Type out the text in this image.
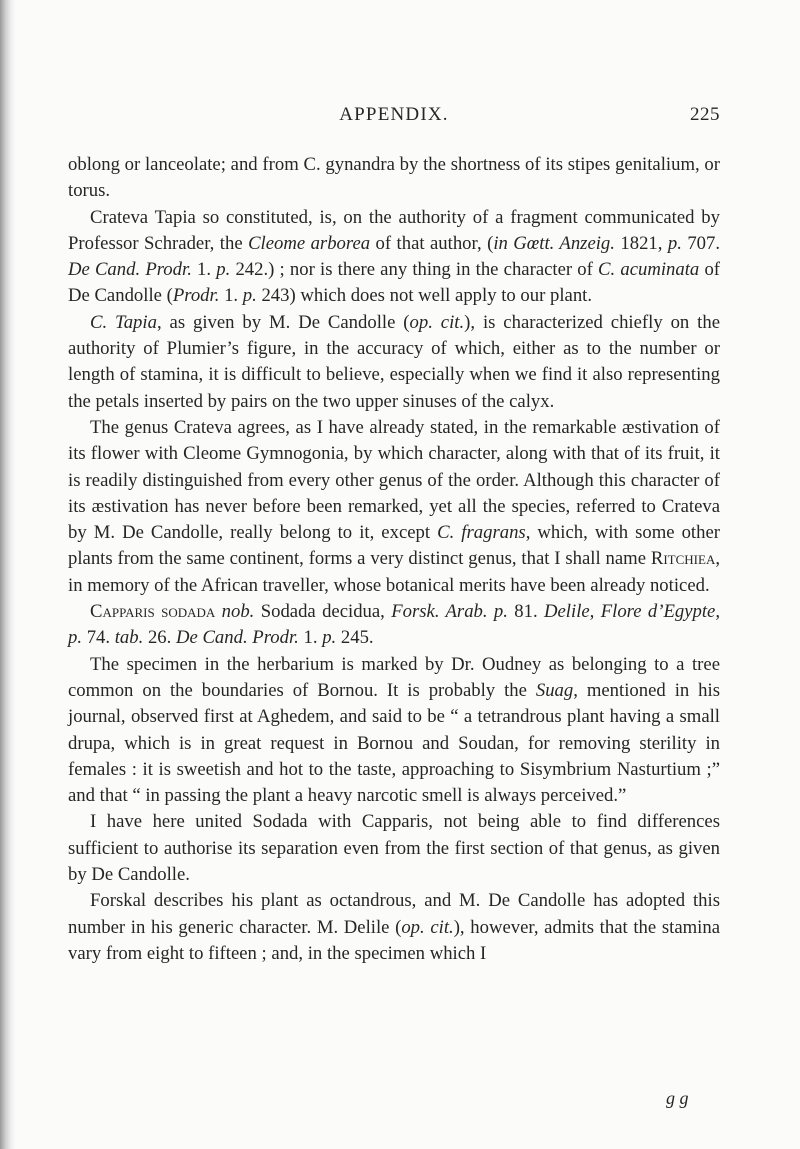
APPENDIX.	225

oblong or lanceolate; and from C. gynandra by the shortness of its stipes genitalium, or torus.

Crateva Tapia so constituted, is, on the authority of a fragment communicated by Professor Schrader, the Cleome arborea of that author, (in Gœtt. Anzeig. 1821, p. 707. De Cand. Prodr. 1. p. 242.) ; nor is there any thing in the character of C. acuminata of De Candolle (Prodr. 1. p. 243) which does not well apply to our plant.

C. Tapia, as given by M. De Candolle (op. cit.), is characterized chiefly on the authority of Plumier’s figure, in the accuracy of which, either as to the number or length of stamina, it is difficult to believe, especially when we find it also representing the petals inserted by pairs on the two upper sinuses of the calyx.

The genus Crateva agrees, as I have already stated, in the remarkable æstivation of its flower with Cleome Gymnogonia, by which character, along with that of its fruit, it is readily distinguished from every other genus of the order. Although this character of its æstivation has never before been remarked, yet all the species, referred to Crateva by M. De Candolle, really belong to it, except C. fragrans, which, with some other plants from the same continent, forms a very distinct genus, that I shall name Ritchiea, in memory of the African traveller, whose botanical merits have been already noticed.

Capparis sodada nob. Sodada decidua, Forsk. Arab. p. 81. Delile, Flore d’Egypte, p. 74. tab. 26. De Cand. Prodr. 1. p. 245.

The specimen in the herbarium is marked by Dr. Oudney as belonging to a tree common on the boundaries of Bornou. It is probably the Suag, mentioned in his journal, observed first at Aghedem, and said to be “ a tetrandrous plant having a small drupa, which is in great request in Bornou and Soudan, for removing sterility in females : it is sweetish and hot to the taste, approaching to Sisymbrium Nasturtium ;” and that “ in passing the plant a heavy narcotic smell is always perceived.”

I have here united Sodada with Capparis, not being able to find differences sufficient to authorise its separation even from the first section of that genus, as given by De Candolle.

Forskal describes his plant as octandrous, and M. De Candolle has adopted this number in his generic character. M. Delile (op. cit.), however, admits that the stamina vary from eight to fifteen ; and, in the specimen which I

g g
